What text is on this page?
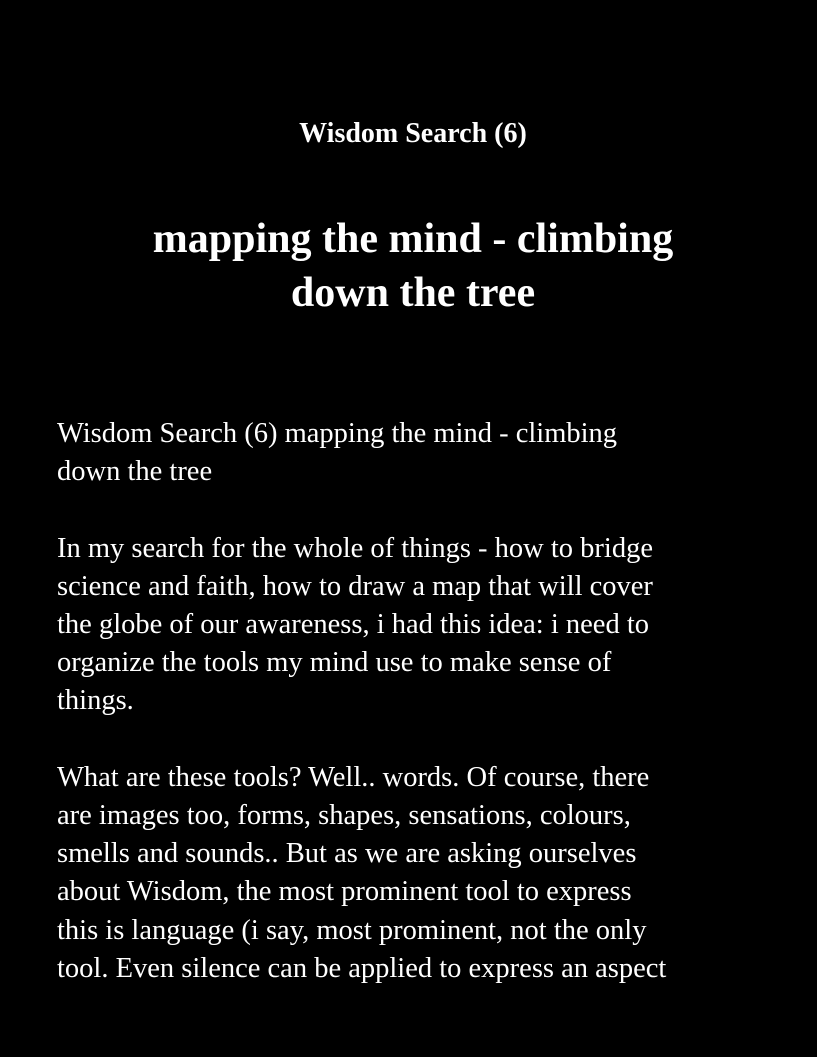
Wisdom Search (6)
mapping the mind - climbing
down the tree

Wisdom Search (6) mapping the mind - climbing
down the tree

In my search for the whole of things - how to bridge
science and faith, how to draw a map that will cover
the globe of our awareness, i had this idea: i need to
organize the tools my mind use to make sense of
things.

What are these tools? Well.. words. Of course, there
are images too, forms, shapes, sensations, colours,
smells and sounds.. But as we are asking ourselves
about Wisdom, the most prominent tool to express
this is language (i say, most prominent, not the only
tool. Even silence can be applied to express an aspect
